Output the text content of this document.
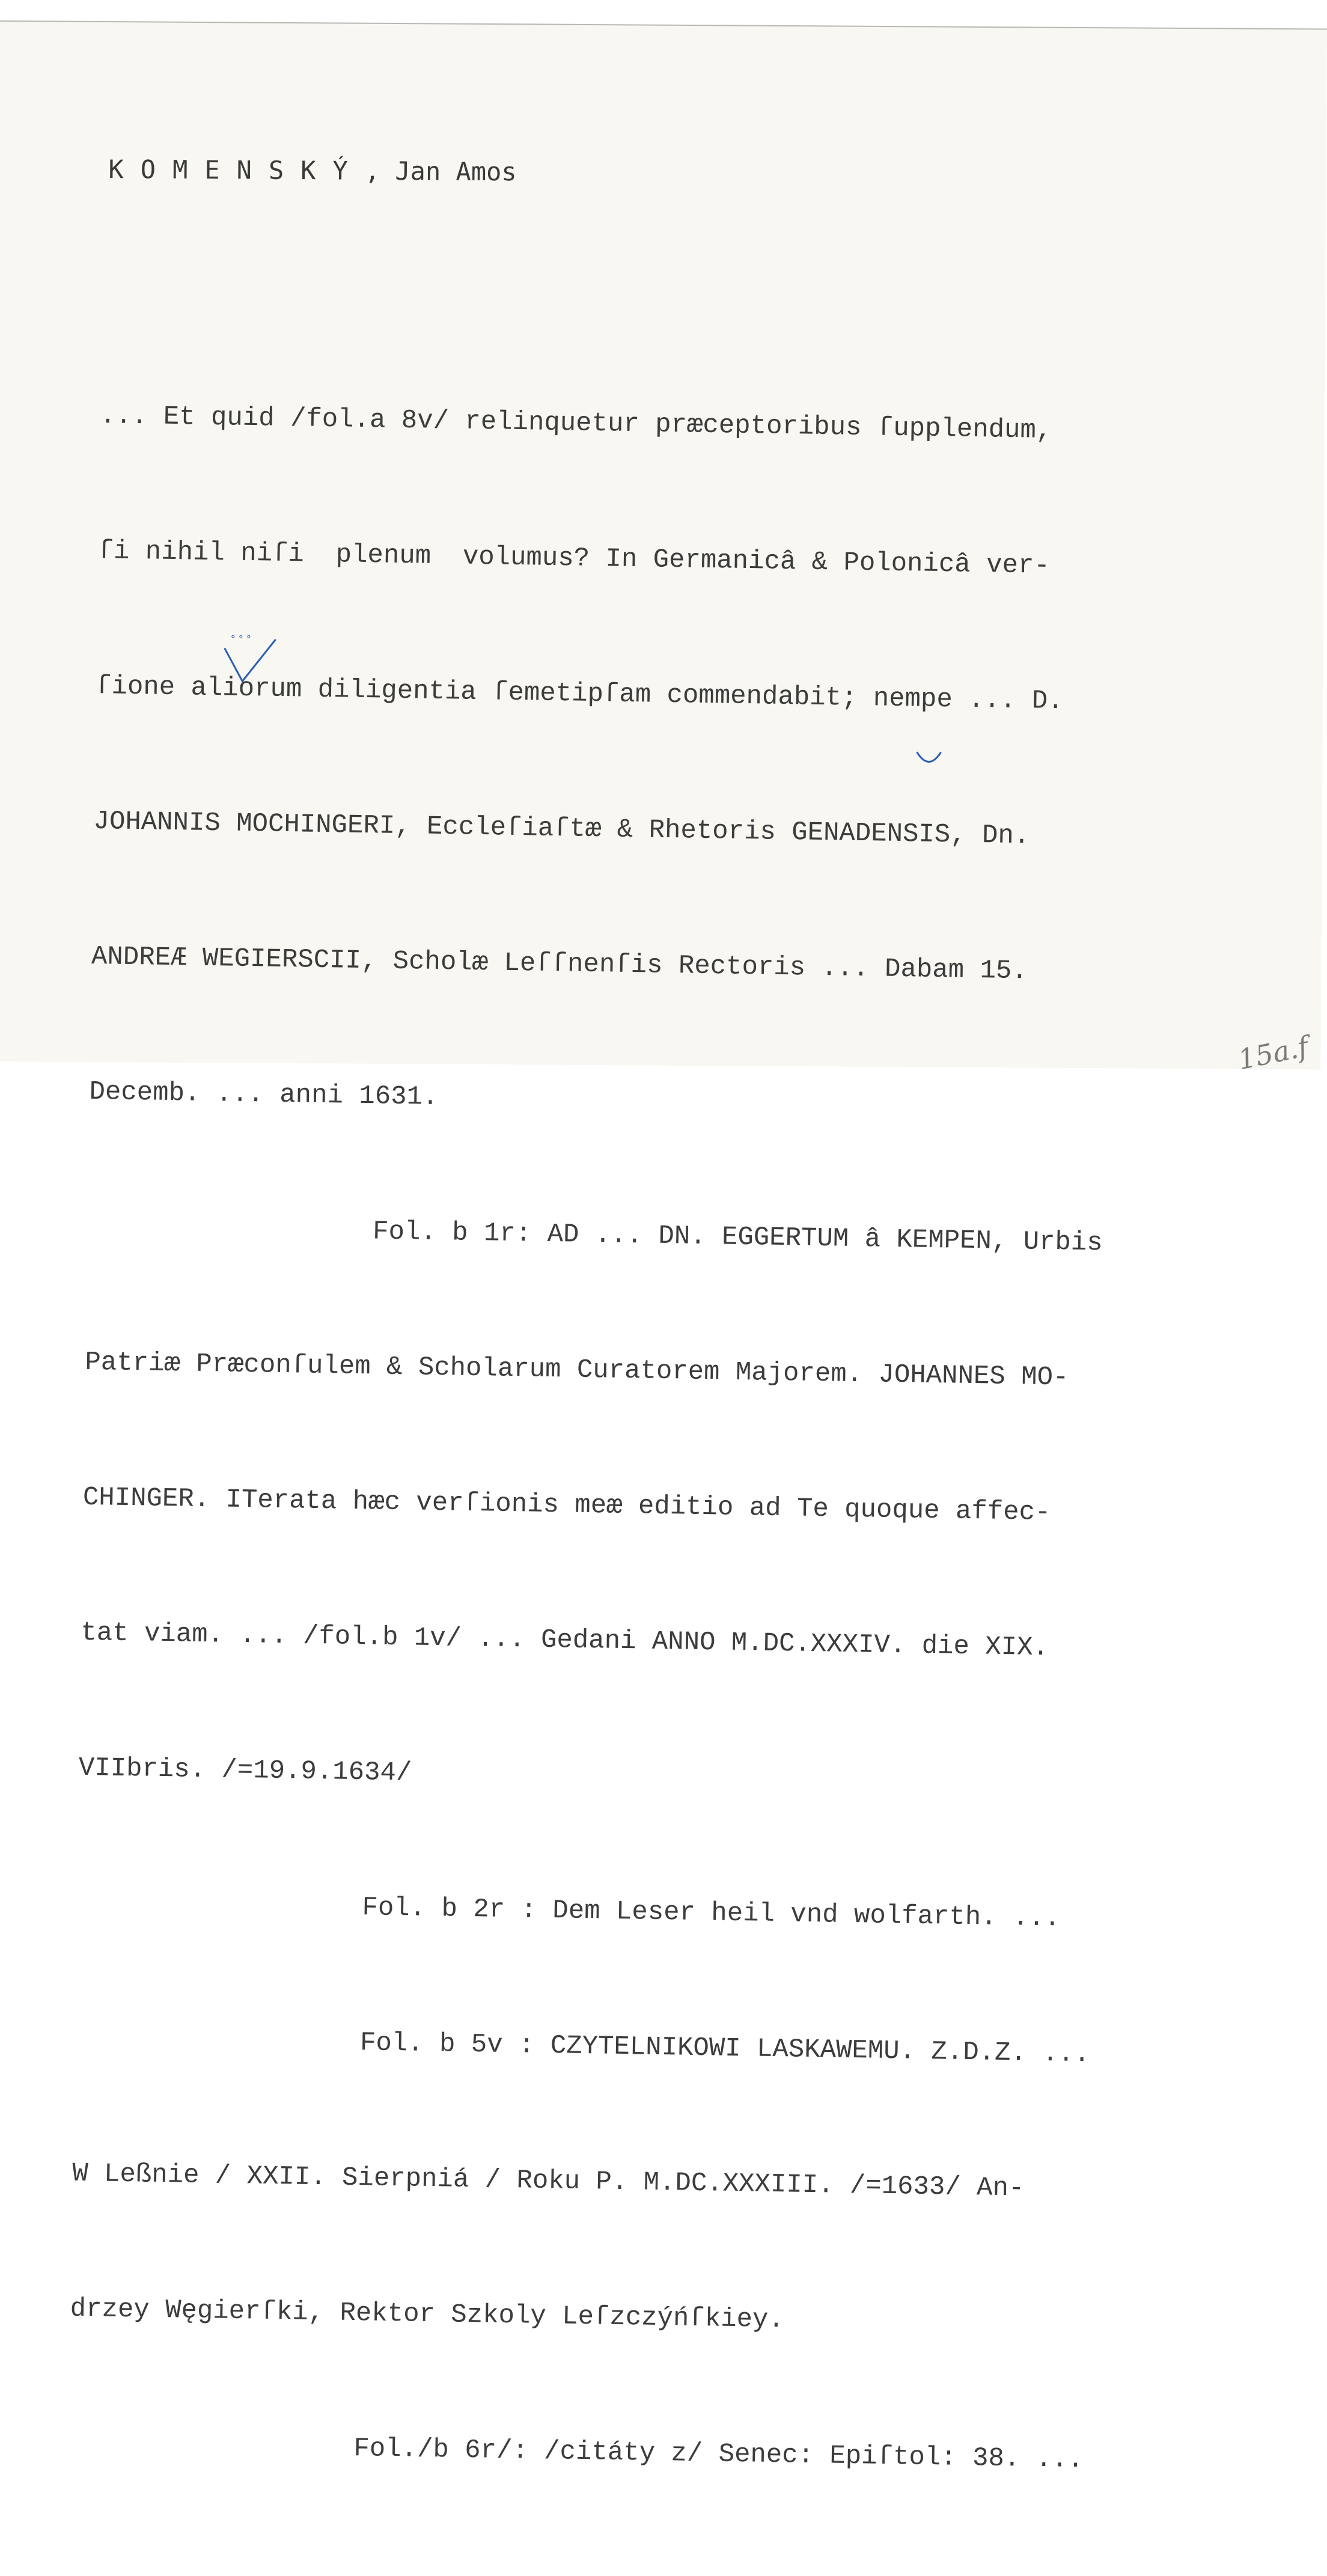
KOMENSKÝ, Jan Amos

... Et quid /fol.a 8v/ relinquetur præceptoribus ſupplendum,

ſi nihil niſi  plenum  volumus? In Germanicâ & Polonicâ ver-

ſione aliorum diligentia ſemetipſam commendabit; nempe ... D.

JOHANNIS MOCHINGERI, Eccleſiaſtæ & Rhetoris GENADENSIS, Dn.

ANDREÆ WEGIERSCII, Scholæ Leſſnenſis Rectoris ... Dabam 15.

Decemb. ... anni 1631.

Fol. b 1r: AD ... DN. EGGERTUM â KEMPEN, Urbis

Patriæ Præconſulem & Scholarum Curatorem Majorem. JOHANNES MO-

CHINGER. ITerata hæc verſionis meæ editio ad Te quoque affec-

tat viam. ... /fol.b 1v/ ... Gedani ANNO M.DC.XXXIV. die XIX.

VIIbris. /=19.9.1634/

Fol. b 2r : Dem Leser heil vnd wolfarth. ...

Fol. b 5v : CZYTELNIKOWI LASKAWEMU. Z.D.Z. ...

W Leßnie / XXII. Sierpniá / Roku P. M.DC.XXXIII. /=1633/ An-

drzey Węgierſki, Rektor Szkoly Leſzczýńſkiey.

Fol./b 6r/: /citáty z/ Senec: Epiſtol: 38. ...

° ° °
15a.f
